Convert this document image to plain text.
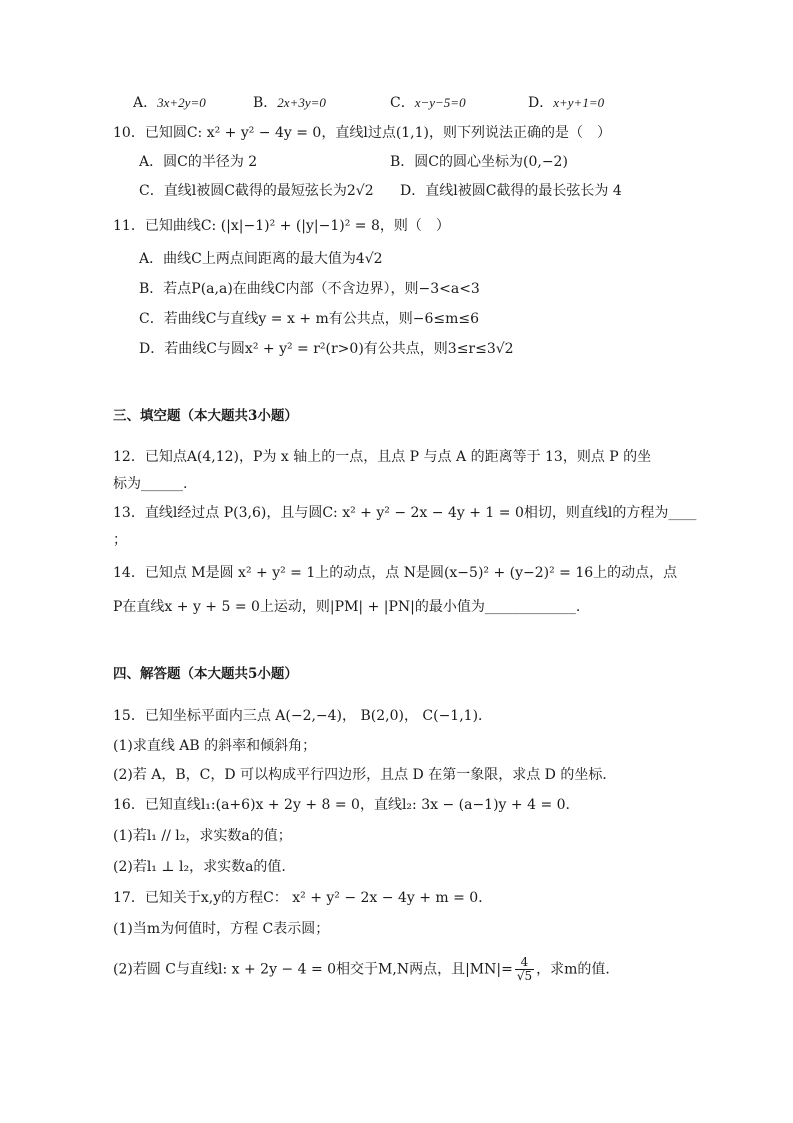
A．3x+2y=0	B．2x+3y=0	C．x−y−5=0	D．x+y+1=0
10．已知圆C: x² + y² − 4y = 0，直线l过点(1,1)，则下列说法正确的是（　）
A．圆C的半径为 2	B．圆C的圆心坐标为(0,−2)
C．直线l被圆C截得的最短弦长为2√2 D．直线l被圆C截得的最长弦长为 4
11．已知曲线C: (|x|−1)² + (|y|−1)² = 8，则（　）
A．曲线C上两点间距离的最大值为4√2
B．若点P(a,a)在曲线C内部（不含边界），则−3<a<3
C．若曲线C与直线y = x + m有公共点，则−6≤m≤6
D．若曲线C与圆x² + y² = r²(r>0)有公共点，则3≤r≤3√2
三、填空题（本大题共3小题）
12．已知点A(4,12)，P为 x 轴上的一点，且点 P 与点 A 的距离等于 13，则点 P 的坐
标为______.
13．直线l经过点 P(3,6)，且与圆C: x² + y² − 2x − 4y + 1 = 0相切，则直线l的方程为____
；
14．已知点 M是圆 x² + y² = 1上的动点，点 N是圆(x−5)² + (y−2)² = 16上的动点，点
P在直线x + y + 5 = 0上运动，则|PM| + |PN|的最小值为_____________.
四、解答题（本大题共5小题）
15．已知坐标平面内三点 A(−2,−4)， B(2,0)， C(−1,1)．
(1)求直线 AB 的斜率和倾斜角；
(2)若 A，B，C，D 可以构成平行四边形，且点 D 在第一象限，求点 D 的坐标．
16．已知直线l₁:(a+6)x + 2y + 8 = 0，直线l₂: 3x − (a−1)y + 4 = 0.
(1)若l₁ // l₂，求实数a的值；
(2)若l₁ ⊥ l₂，求实数a的值.
17．已知关于x,y的方程C： x² + y² − 2x − 4y + m = 0．
(1)当m为何值时，方程 C表示圆；
(2)若圆 C与直线l: x + 2y − 4 = 0相交于M,N两点，且$|MN|= \frac{4}{√5}$ ，求m的值．
